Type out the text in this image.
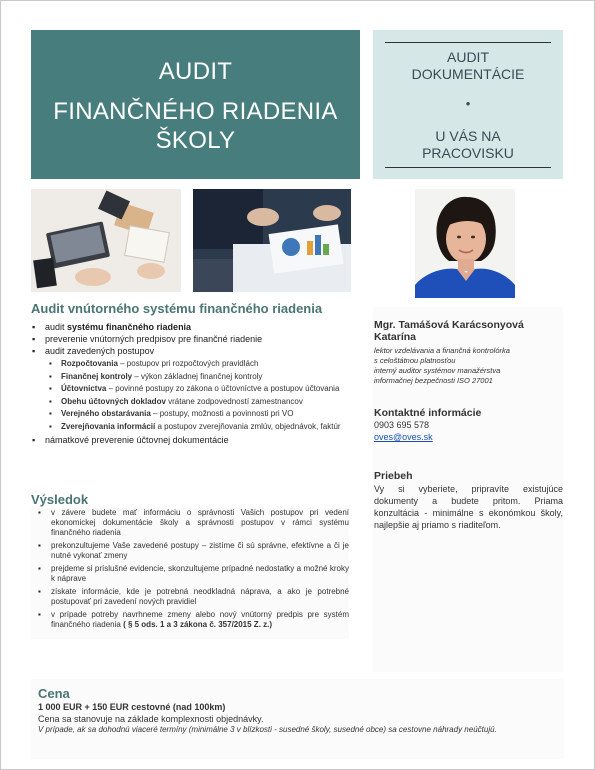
AUDIT
FINANČNÉHO RIADENIA
ŠKOLY
AUDIT
DOKUMENTÁCIE
•
U VÁS NA
PRACOVISKU
Audit vnútorného systému finančného riadenia
▪ audit systému finančného riadenia
▪ preverenie vnútorných predpisov pre finančné riadenie
▪ audit zavedených postupov
▪ Rozpočtovania – postupov pri rozpočtových pravidlách
▪ Finančnej kontroly – výkon základnej finančnej kontroly
▪ Účtovnictva – povinné postupy zo zákona o účtovníctve a postupov účtovania
▪ Obehu účtovných dokladov vrátane zodpovedností zamestnancov
▪ Verejného obstarávania – postupy, možnosti a povinnosti pri VO
▪ Zverejňovania informácií a postupov zverejňovania zmlúv, objednávok, faktúr
▪ námatkové preverenie účtovnej dokumentácie
Výsledok
▪ v závere budete mať informáciu o správnosti Vašich postupov pri vedení ekonomickej dokumentácie školy a správnosti postupov v rámci systému finančného riadenia
▪ prekonzultujeme Vaše zavedené postupy – zistíme či sú správne, efektívne a či je nutné vykonať zmeny
▪ prejdeme si príslušné evidencie, skonzultujeme prípadné nedostatky a možné kroky k náprave
▪ získate informácie, kde je potrebná neodkladná náprava, a ako je potrebné postupovať pri zavedení nových pravidiel
▪ v prípade potreby navrhneme zmeny alebo nový vnútorný predpis pre systém finančného riadenia ( § 5 ods. 1 a 3 zákona č. 357/2015 Z. z.)
Mgr. Tamášová Karácsonyová Katarína
lektor vzdelávania a finančná kontrolórka
s celoštátnou platnosťou
interný auditor systémov manažérstva
informačnej bezpečnosti ISO 27001
Kontaktné informácie
0903 695 578
oves@oves.sk
Priebeh
Vy si vyberiete, pripravíte existujúce dokumenty a budete pritom. Priama konzultácia - minimálne s ekonómkou školy, najlepšie aj priamo s riaditeľom.
Cena
1 000 EUR + 150 EUR cestovné (nad 100km)
Cena sa stanovuje na základe komplexnosti objednávky.
V prípade, ak sa dohodnú viaceré termíny (minimálne 3 v blízkosti - susedné školy, susedné obce) sa cestovne náhrady neúčtujú.
